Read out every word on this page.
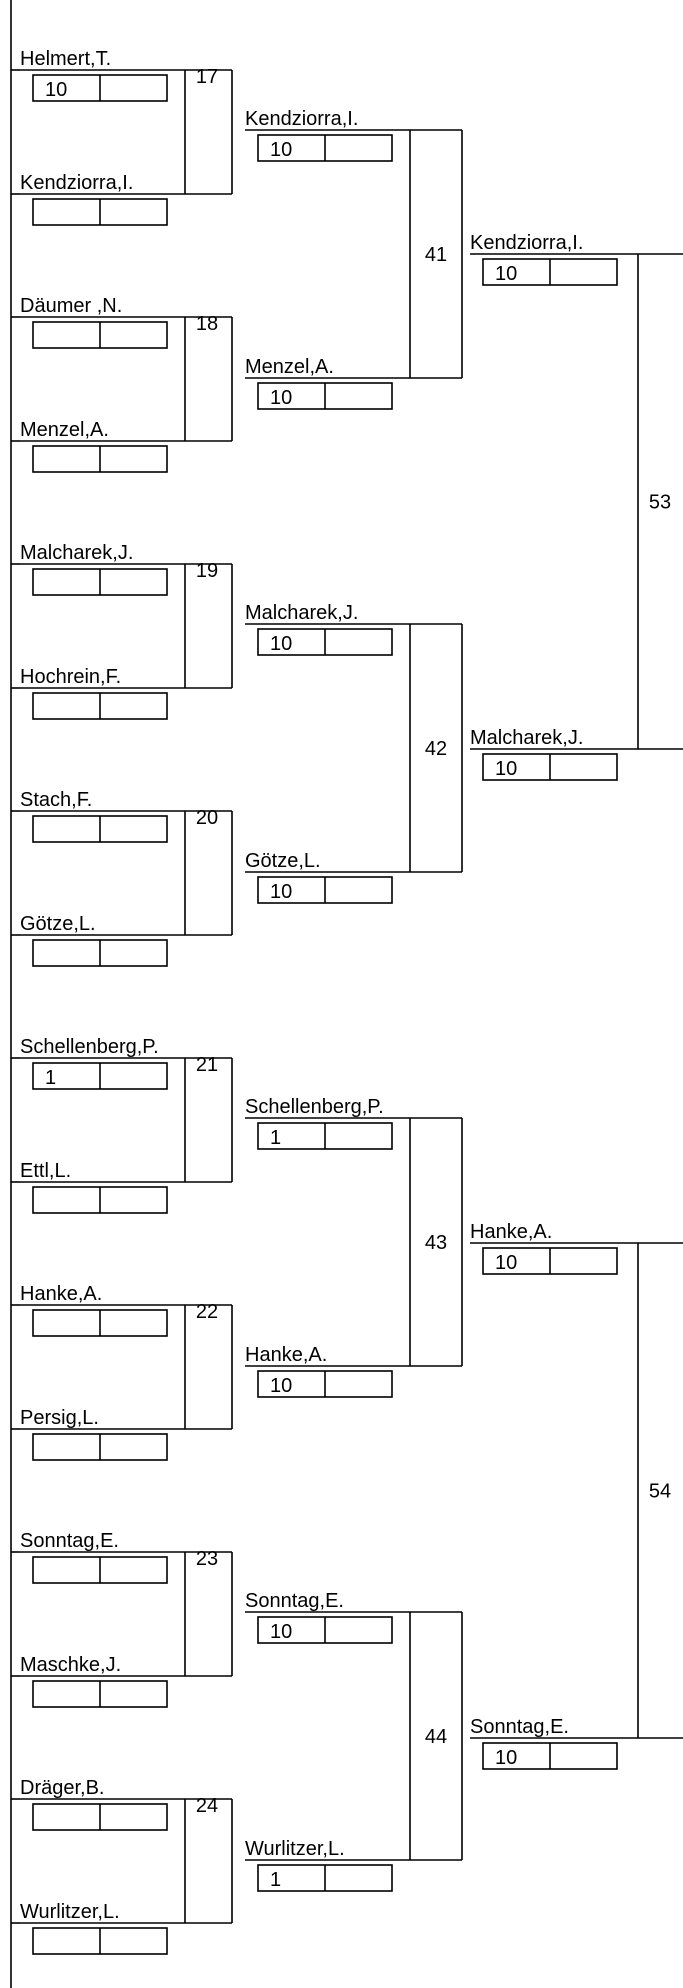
Helmert,T.
10
Kendziorra,I.
17
Däumer ,N.
Menzel,A.
18
Malcharek,J.
Hochrein,F.
19
Stach,F.
Götze,L.
20
Schellenberg,P.
1
Ettl,L.
21
Hanke,A.
Persig,L.
22
Sonntag,E.
Maschke,J.
23
Dräger,B.
Wurlitzer,L.
24
Kendziorra,I.
10
Menzel,A.
10
41
Malcharek,J.
10
Götze,L.
10
42
Schellenberg,P.
1
Hanke,A.
10
43
Sonntag,E.
10
Wurlitzer,L.
1
44
Kendziorra,I.
10
Malcharek,J.
10
53
Hanke,A.
10
Sonntag,E.
10
54
